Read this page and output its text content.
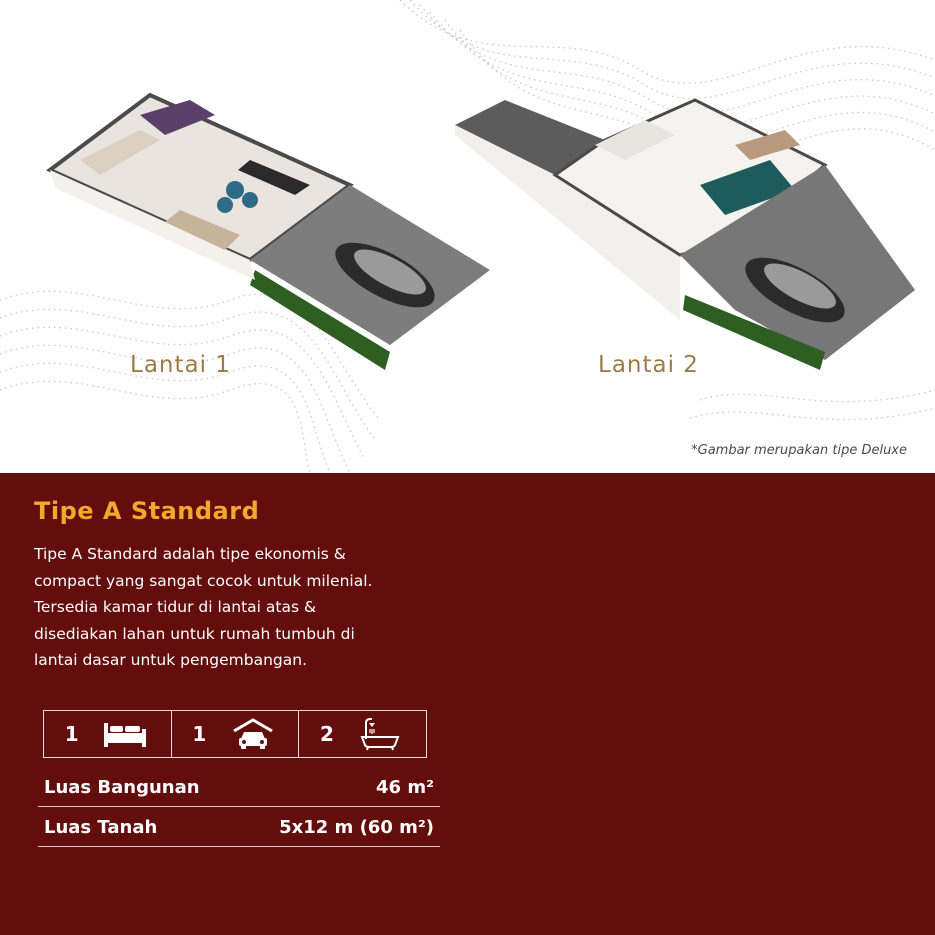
Lantai 1	Lantai 2
*Gambar merupakan tipe Deluxe
Tipe A Standard
Tipe A Standard adalah tipe ekonomis &
compact yang sangat cocok untuk milenial.
Tersedia kamar tidur di lantai atas &
disediakan lahan untuk rumah tumbuh di
lantai dasar untuk pengembangan.
1	1	2
Luas Bangunan	46 m²
Luas Tanah	5x12 m (60 m²)
